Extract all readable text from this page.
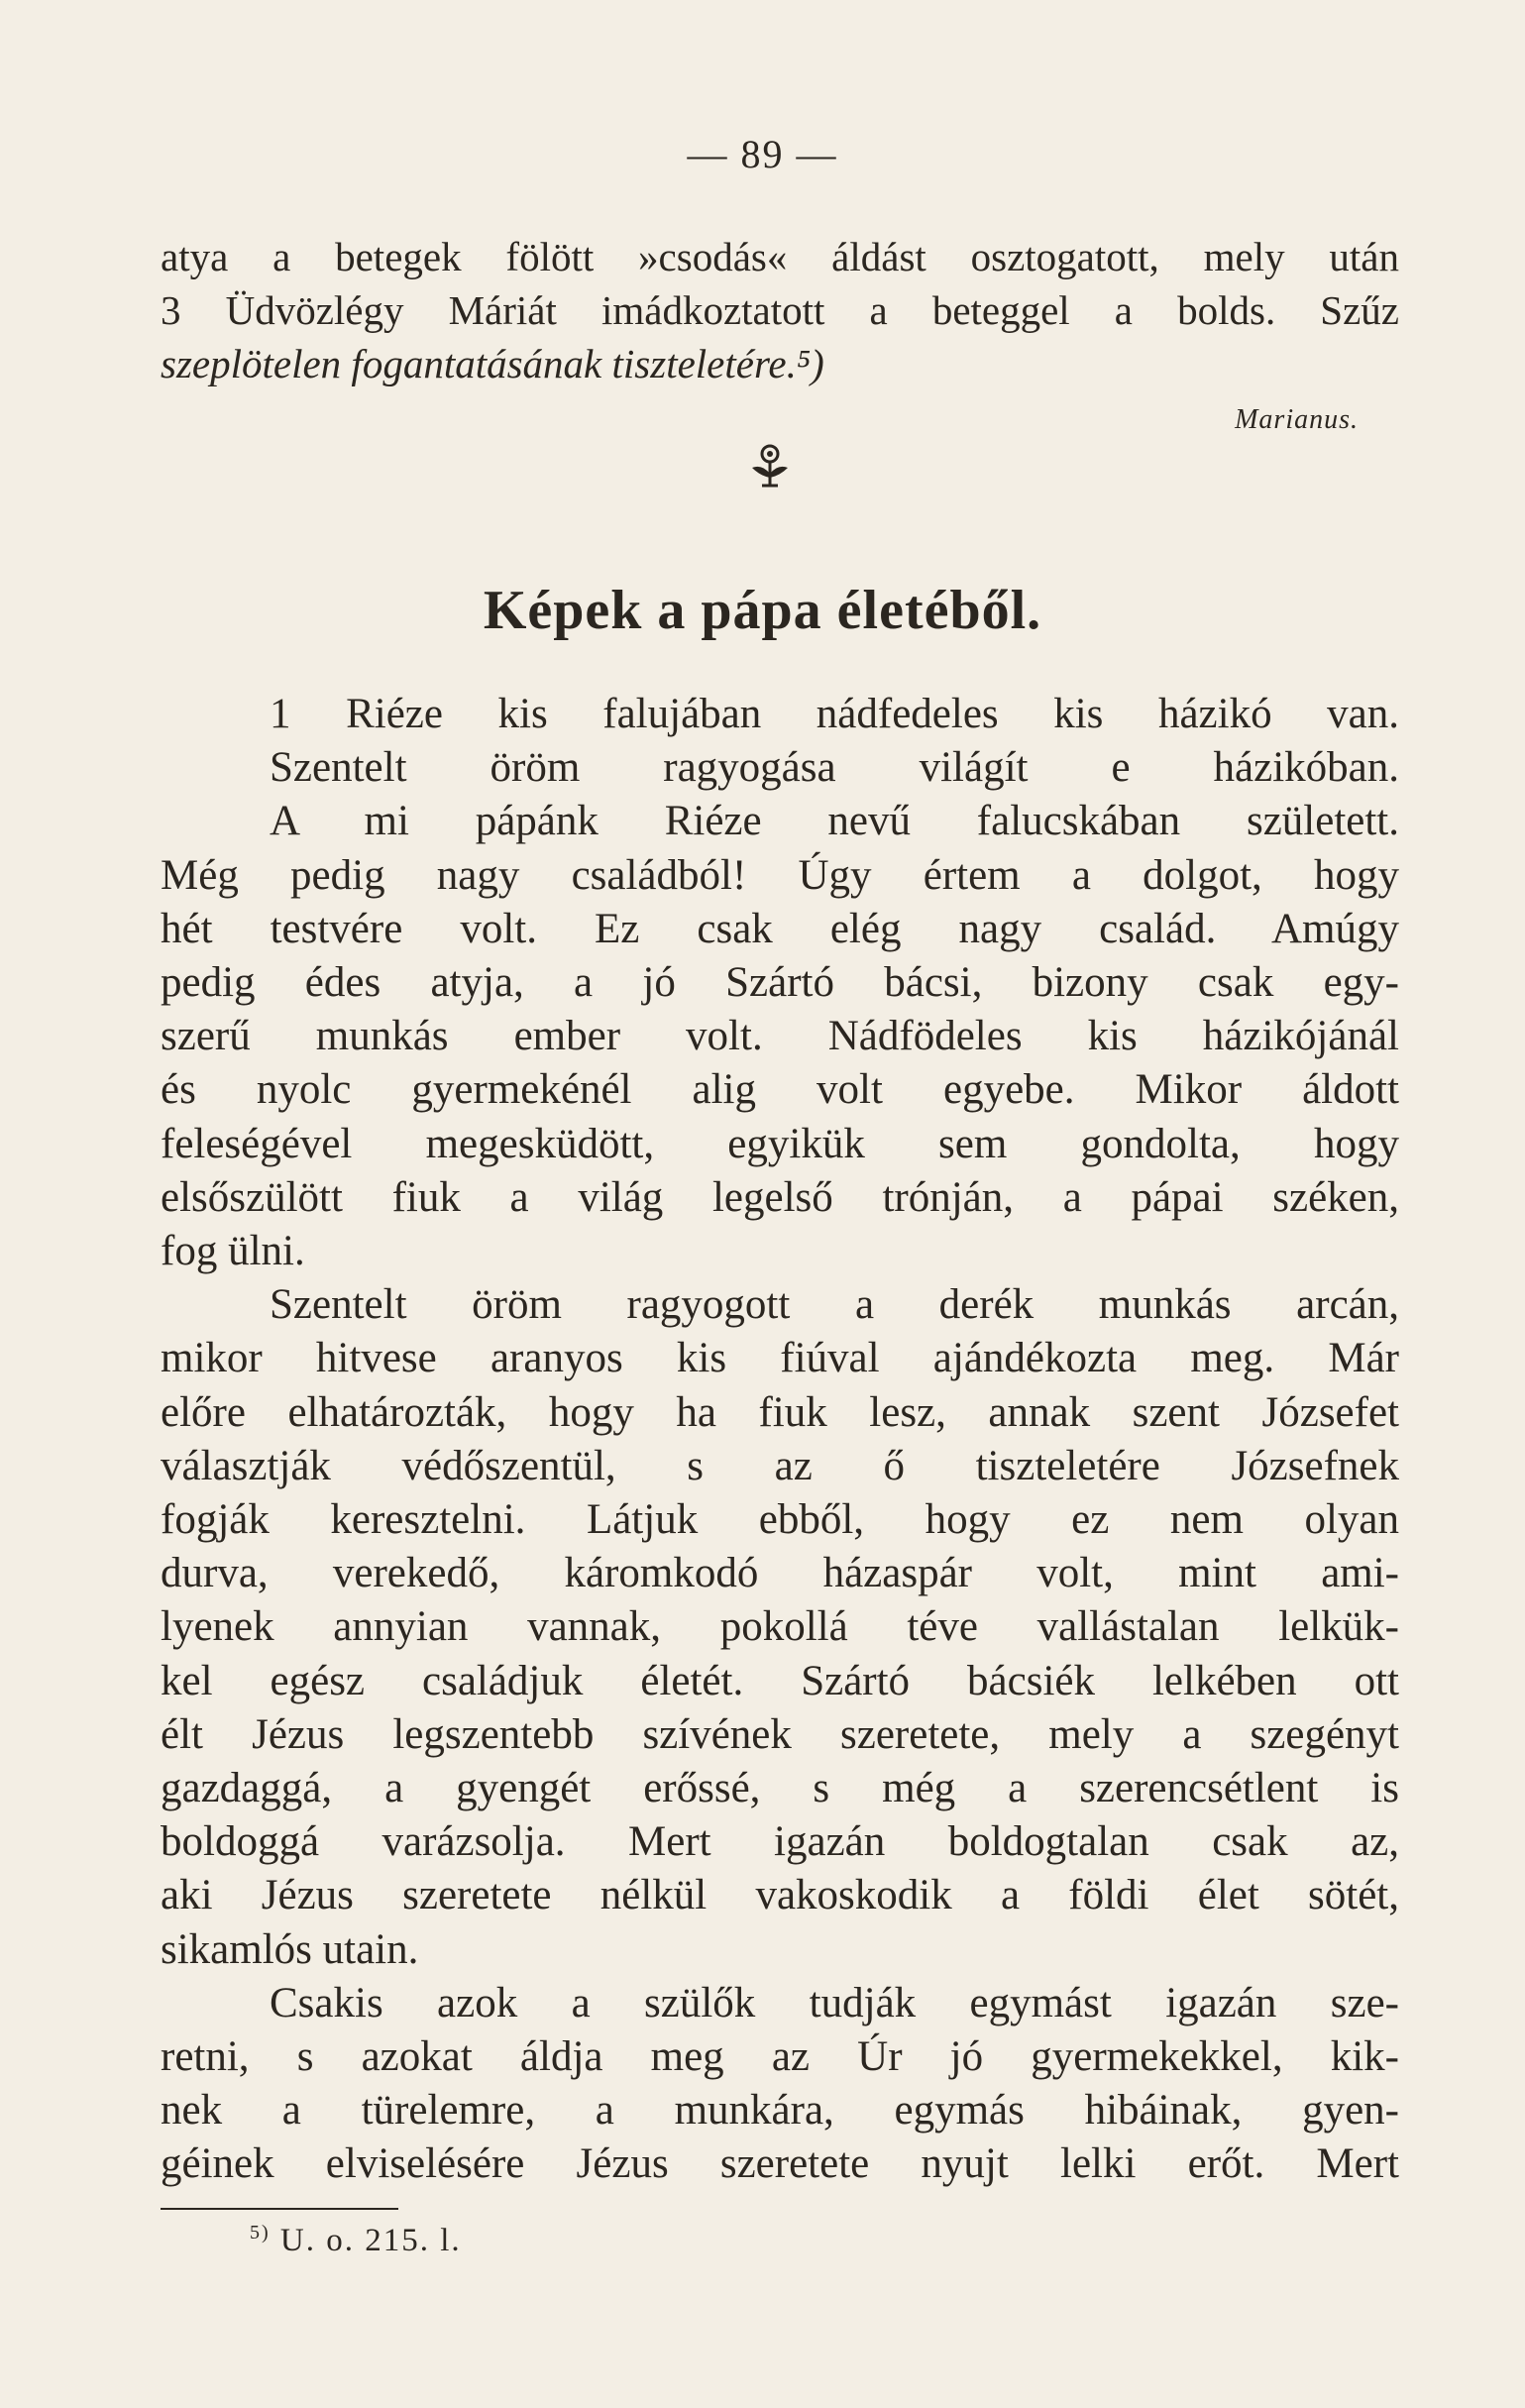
— 89 —
atya a betegek fölött »csodás« áldást osztogatott, mely után
3 Üdvözlégy Máriát imádkoztatott a beteggel a bolds. Szűz
szeplötelen fogantatásának tiszteletére.⁵)
Marianus.
Képek a pápa életéből.
1 Riéze kis falujában nádfedeles kis házikó van.
Szentelt öröm ragyogása világít e házikóban.
A mi pápánk Riéze nevű falucskában született.
Még pedig nagy családból! Úgy értem a dolgot, hogy
hét testvére volt. Ez csak elég nagy család. Amúgy
pedig édes atyja, a jó Szártó bácsi, bizony csak egy-
szerű munkás ember volt. Nádfödeles kis házikójánál
és nyolc gyermekénél alig volt egyebe. Mikor áldott
feleségével megesküdött, egyikük sem gondolta, hogy
elsőszülött fiuk a világ legelső trónján, a pápai széken,
fog ülni.
Szentelt öröm ragyogott a derék munkás arcán,
mikor hitvese aranyos kis fiúval ajándékozta meg. Már
előre elhatározták, hogy ha fiuk lesz, annak szent Józsefet
választják védőszentül, s az ő tiszteletére Józsefnek
fogják keresztelni. Látjuk ebből, hogy ez nem olyan
durva, verekedő, káromkodó házaspár volt, mint ami-
lyenek annyian vannak, pokollá téve vallástalan lelkük-
kel egész családjuk életét. Szártó bácsiék lelkében ott
élt Jézus legszentebb szívének szeretete, mely a szegényt
gazdaggá, a gyengét erőssé, s még a szerencsétlent is
boldoggá varázsolja. Mert igazán boldogtalan csak az,
aki Jézus szeretete nélkül vakoskodik a földi élet sötét,
sikamlós utain.
Csakis azok a szülők tudják egymást igazán sze-
retni, s azokat áldja meg az Úr jó gyermekekkel, kik-
nek a türelemre, a munkára, egymás hibáinak, gyen-
géinek elviselésére Jézus szeretete nyujt lelki erőt. Mert
$^{5)}$ U. o. 215. l.
